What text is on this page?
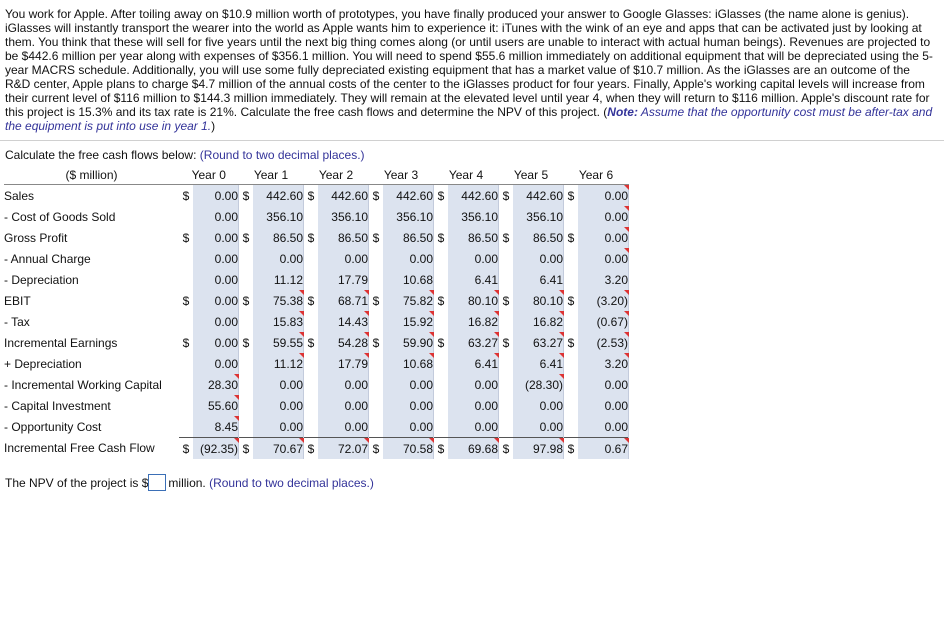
You work for Apple. After toiling away on $10.9 million worth of prototypes, you have finally produced your answer to Google Glasses: iGlasses (the name alone is genius). iGlasses will instantly transport the wearer into the world as Apple wants him to experience it: iTunes with the wink of an eye and apps that can be activated just by looking at them. You think that these will sell for five years until the next big thing comes along (or until users are unable to interact with actual human beings). Revenues are projected to be $442.6 million per year along with expenses of $356.1 million. You will need to spend $55.6 million immediately on additional equipment that will be depreciated using the 5-year MACRS schedule. Additionally, you will use some fully depreciated existing equipment that has a market value of $10.7 million. As the iGlasses are an outcome of the R&D center, Apple plans to charge $4.7 million of the annual costs of the center to the iGlasses product for four years. Finally, Apple's working capital levels will increase from their current level of $116 million to $144.3 million immediately. They will remain at the elevated level until year 4, when they will return to $116 million. Apple's discount rate for this project is 15.3% and its tax rate is 21%. Calculate the free cash flows and determine the NPV of this project. (Note: Assume that the opportunity cost must be after-tax and the equipment is put into use in year 1.)
Calculate the free cash flows below: (Round to two decimal places.)
($ million)	Year 0		Year 1		Year 2		Year 3		Year 4		Year 5		Year 6	
Sales	$	0.00	$	442.60	$	442.60	$	442.60	$	442.60	$	442.60	$	0.00
- Cost of Goods Sold		0.00		356.10		356.10		356.10		356.10		356.10		0.00
Gross Profit	$	0.00	$	86.50	$	86.50	$	86.50	$	86.50	$	86.50	$	0.00
- Annual Charge		0.00		0.00		0.00		0.00		0.00		0.00		0.00
- Depreciation		0.00		11.12		17.79		10.68		6.41		6.41		3.20
EBIT	$	0.00	$	75.38	$	68.71	$	75.82	$	80.10	$	80.10	$	(3.20)
- Tax		0.00		15.83		14.43		15.92		16.82		16.82		(0.67)
Incremental Earnings	$	0.00	$	59.55	$	54.28	$	59.90	$	63.27	$	63.27	$	(2.53)
+ Depreciation		0.00		11.12		17.79		10.68		6.41		6.41		3.20
- Incremental Working Capital		28.30		0.00		0.00		0.00		0.00		(28.30)		0.00
- Capital Investment		55.60		0.00		0.00		0.00		0.00		0.00		0.00
- Opportunity Cost		8.45		0.00		0.00		0.00		0.00		0.00		0.00
Incremental Free Cash Flow	$	(92.35)	$	70.67	$	72.07	$	70.58	$	69.68	$	97.98	$	0.67
The NPV of the project is $ million.
(Round to two decimal places.)
